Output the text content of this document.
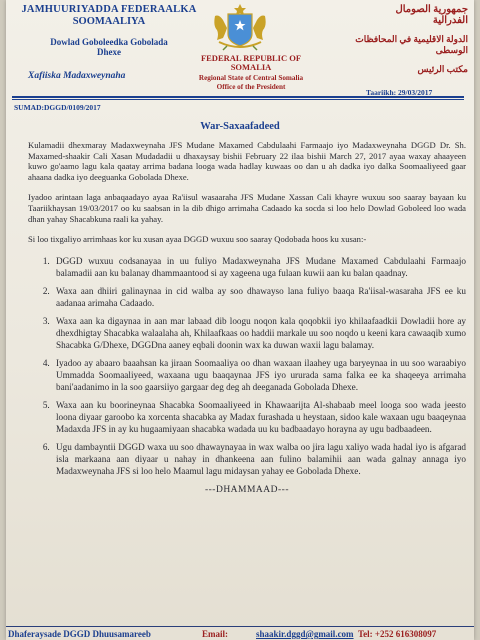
JAMHUURIYADDA FEDERAALKA
SOOMAALIYA
Dowlad Goboleedka Gobolada
Dhexe
Xafiiska Madaxweynaha
FEDERAL REPUBLIC OF
SOMALIA
Regional State of Central Somalia
Office of the President
جمهورية الصومال
الفدرالية
الدولة الاقليمية في المحافظات
الوسطى
مكتب الرئيس
Taariikh: 29/03/2017
SUMAD:DGGD/0109/2017
War-Saxaafadeed

Kulamadii dhexmaray Madaxweynaha JFS Mudane Maxamed Cabdulaahi Farmaajo iyo Madaxweynaha DGGD Dr. Sh. Maxamed-shaakir Cali Xasan Mudadadii u dhaxaysay bishii February 22 ilaa bishii March 27, 2017 ayaa waxay ahaayeen kuwo go'aamo lagu kala qaatay arrima badana looga wada hadlay kuwaas oo dan u ah dadka iyo dalka Soomaaliyeed gaar ahaana dadka iyo deeguanka Gobolada Dhexe.

Iyadoo arintaan laga anbaqaadayo ayaa Ra'iisul wasaaraha JFS Mudane Xassan Cali khayre wuxuu soo saaray bayaan ku Taariikhaysan 19/03/2017 oo ku saabsan in la dib dhigo arrimaha Cadaado ka socda si loo helo Dowlad Goboleed loo wada dhan yahay Shacabkuna raali ka yahay.

Si loo tixgaliyo arrimhaas kor ku xusan ayaa DGGD wuxuu soo saaray Qodobada hoos ku xusan:-

1. DGGD wuxuu codsanayaa in uu fuliyo Madaxweynaha JFS Mudane Maxamed Cabdulaahi Farmaajo balamadii aan ku balanay dhammaantood si ay xageena uga fulaan kuwii aan ku balan qaadnay.
2. Waxa aan dhiiri galinaynaa in cid walba ay soo dhawayso lana fuliyo baaqa Ra'iisal-wasaraha JFS ee ku aadanaa arimaha Cadaado.
3. Waxa aan ka digaynaa in aan mar labaad dib loogu noqon kala qoqobkii iyo khilaafaadkii Dowladii hore ay dhexdhigtay Shacabka walaalaha ah, Khilaafkaas oo haddii markale uu soo noqdo u keeni kara cawaaqib xumo Shacabka G/Dhexe, DGGDna aaney eqbali doonin wax ka duwan waxii lagu balamay.
4. Iyadoo ay abaaro baaahsan ka jiraan Soomaaliya oo dhan waxaan ilaahey uga baryeynaa in uu soo waraabiyo Ummadda Soomaaliyeed, waxaana ugu baaqaynaa JFS iyo ururada sama falka ee ka shaqeeya arrimaha bani'aadanimo in la soo gaarsiiyo gargaar deg deg ah deeganada Gobolada Dhexe.
5. Waxa aan ku boorineynaa Shacabka Soomaaliyeed in Khawaarijta Al-shabaab meel looga soo wada jeesto loona diyaar garoobo ka xorcenta shacabka ay Madax furashada u heystaan, sidoo kale waxaan ugu baaqeynaa Madaxda JFS in ay ku hugaamiyaan shacabka wadada uu ku badbaadayo horayna ay ugu badbaadeen.
6. Ugu dambayntii DGGD waxa uu soo dhawaynayaa in wax walba oo jira lagu xaliyo wada hadal iyo is afgarad isla markaana aan diyaar u nahay in dhankeena aan fulino balamihii aan wada galnay annaga iyo Madaxweynaha JFS si loo helo Maamul lagu midaysan yahay ee Gobolada Dhexe.
---DHAMMAAD---
Dhaferaysade DGGD Dhuusamareeb	Email:	shaakir.dggd@gmail.com Tel: +252 616308097
